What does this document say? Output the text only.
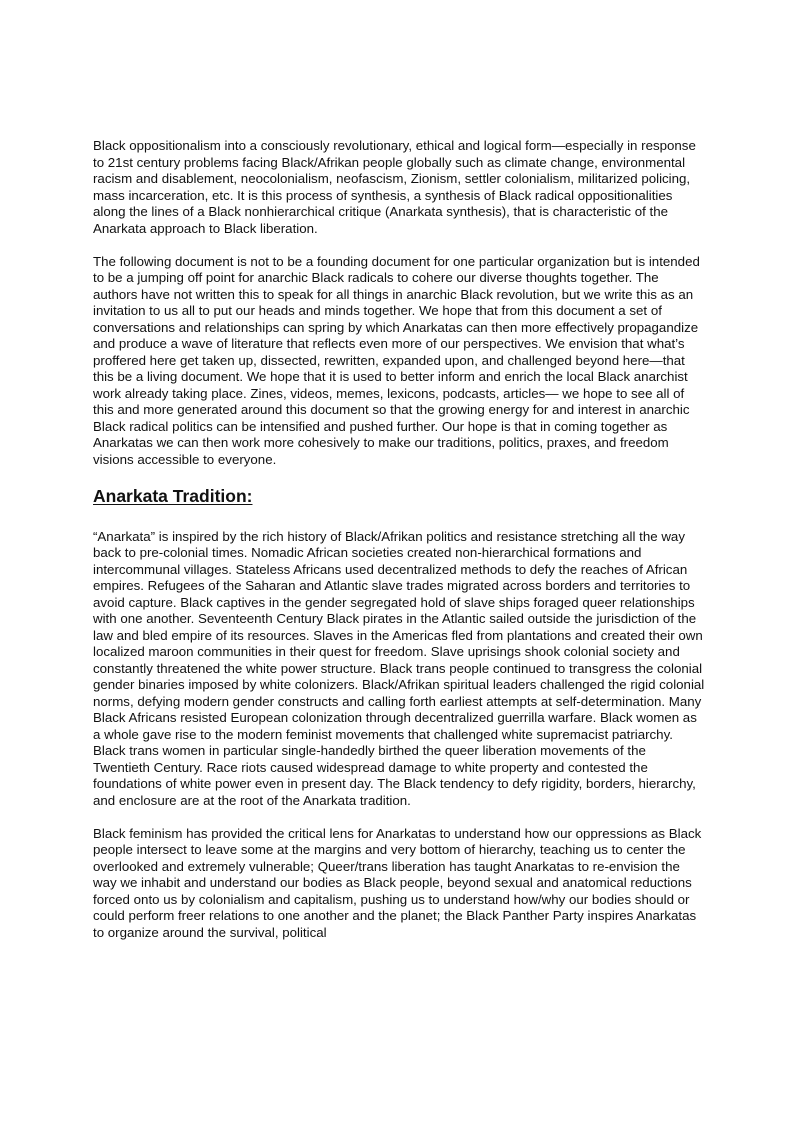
Black oppositionalism into a consciously revolutionary, ethical and logical form—especially in response to 21st century problems facing Black/Afrikan people globally such as climate change, environmental racism and disablement, neocolonialism, neofascism, Zionism, settler colonialism, militarized policing, mass incarceration, etc. It is this process of synthesis, a synthesis of Black radical oppositionalities along the lines of a Black nonhierarchical critique (Anarkata synthesis), that is characteristic of the Anarkata approach to Black liberation.

The following document is not to be a founding document for one particular organization but is intended to be a jumping off point for anarchic Black radicals to cohere our diverse thoughts together. The authors have not written this to speak for all things in anarchic Black revolution, but we write this as an invitation to us all to put our heads and minds together. We hope that from this document a set of conversations and relationships can spring by which Anarkatas can then more effectively propagandize and produce a wave of literature that reflects even more of our perspectives. We envision that what’s proffered here get taken up, dissected, rewritten, expanded upon, and challenged beyond here—that this be a living document. We hope that it is used to better inform and enrich the local Black anarchist work already taking place. Zines, videos, memes, lexicons, podcasts, articles— we hope to see all of this and more generated around this document so that the growing energy for and interest in anarchic Black radical politics can be intensified and pushed further. Our hope is that in coming together as Anarkatas we can then work more cohesively to make our traditions, politics, praxes, and freedom visions accessible to everyone.

Anarkata Tradition:

“Anarkata” is inspired by the rich history of Black/Afrikan politics and resistance stretching all the way back to pre-colonial times. Nomadic African societies created non-hierarchical formations and intercommunal villages. Stateless Africans used decentralized methods to defy the reaches of African empires. Refugees of the Saharan and Atlantic slave trades migrated across borders and territories to avoid capture. Black captives in the gender segregated hold of slave ships foraged queer relationships with one another. Seventeenth Century Black pirates in the Atlantic sailed outside the jurisdiction of the law and bled empire of its resources. Slaves in the Americas fled from plantations and created their own localized maroon communities in their quest for freedom. Slave uprisings shook colonial society and constantly threatened the white power structure. Black trans people continued to transgress the colonial gender binaries imposed by white colonizers. Black/Afrikan spiritual leaders challenged the rigid colonial norms, defying modern gender constructs and calling forth earliest attempts at self-determination. Many Black Africans resisted European colonization through decentralized guerrilla warfare. Black women as a whole gave rise to the modern feminist movements that challenged white supremacist patriarchy. Black trans women in particular single-handedly birthed the queer liberation movements of the Twentieth Century. Race riots caused widespread damage to white property and contested the foundations of white power even in present day. The Black tendency to defy rigidity, borders, hierarchy, and enclosure are at the root of the Anarkata tradition.

Black feminism has provided the critical lens for Anarkatas to understand how our oppressions as Black people intersect to leave some at the margins and very bottom of hierarchy, teaching us to center the overlooked and extremely vulnerable; Queer/trans liberation has taught Anarkatas to re-envision the way we inhabit and understand our bodies as Black people, beyond sexual and anatomical reductions forced onto us by colonialism and capitalism, pushing us to understand how/why our bodies should or could perform freer relations to one another and the planet; the Black Panther Party inspires Anarkatas to organize around the survival, political
